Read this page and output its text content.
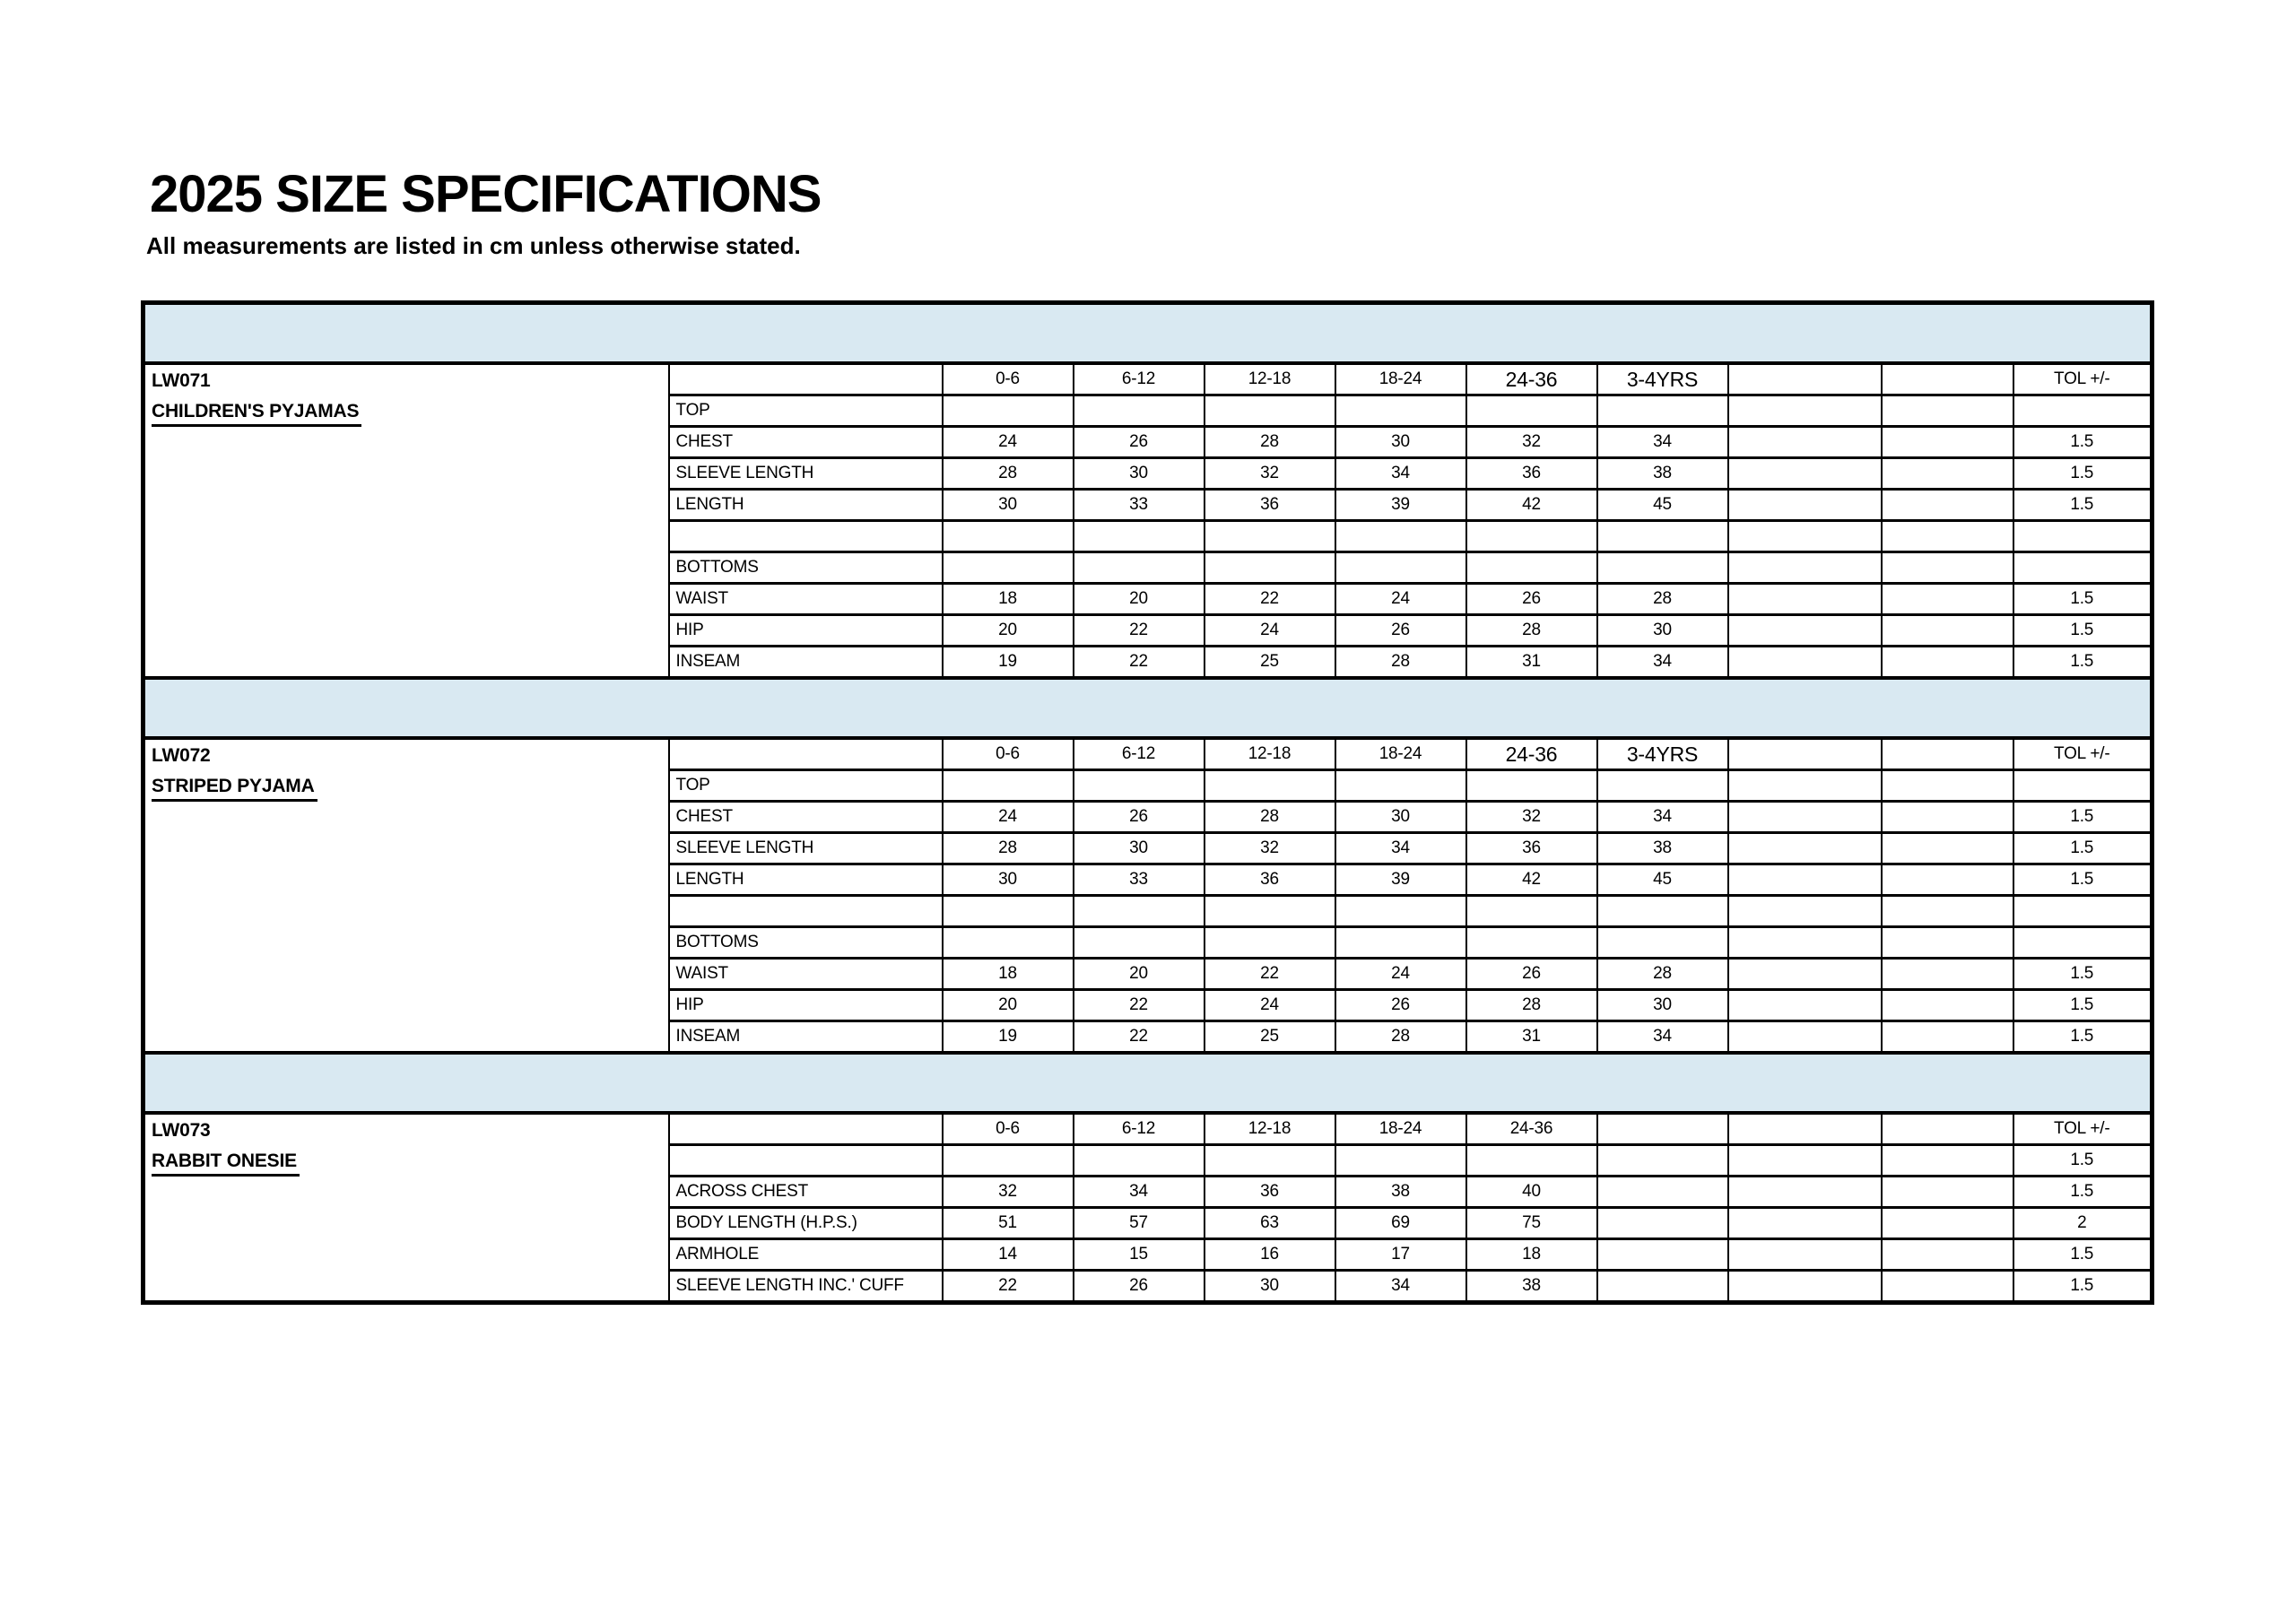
2025 SIZE SPECIFICATIONS
All measurements are listed in cm unless otherwise stated.

LW071
CHILDREN'S PYJAMAS		0-6	6-12	12-18	18-24	24-36	3-4YRS			TOL +/-
	TOP									
	CHEST	24	26	28	30	32	34			1.5
	SLEEVE LENGTH	28	30	32	34	36	38			1.5
	LENGTH	30	33	36	39	42	45			1.5

	BOTTOMS									
	WAIST	18	20	22	24	26	28			1.5
	HIP	20	22	24	26	28	30			1.5
	INSEAM	19	22	25	28	31	34			1.5

LW072
STRIPED PYJAMA		0-6	6-12	12-18	18-24	24-36	3-4YRS			TOL +/-
	TOP									
	CHEST	24	26	28	30	32	34			1.5
	SLEEVE LENGTH	28	30	32	34	36	38			1.5
	LENGTH	30	33	36	39	42	45			1.5

	BOTTOMS									
	WAIST	18	20	22	24	26	28			1.5
	HIP	20	22	24	26	28	30			1.5
	INSEAM	19	22	25	28	31	34			1.5

LW073
RABBIT ONESIE		0-6	6-12	12-18	18-24	24-36				TOL +/-
										1.5
	ACROSS CHEST	32	34	36	38	40				1.5
	BODY LENGTH (H.P.S.)	51	57	63	69	75				2
	ARMHOLE	14	15	16	17	18				1.5
	SLEEVE LENGTH INC.' CUFF	22	26	30	34	38				1.5
